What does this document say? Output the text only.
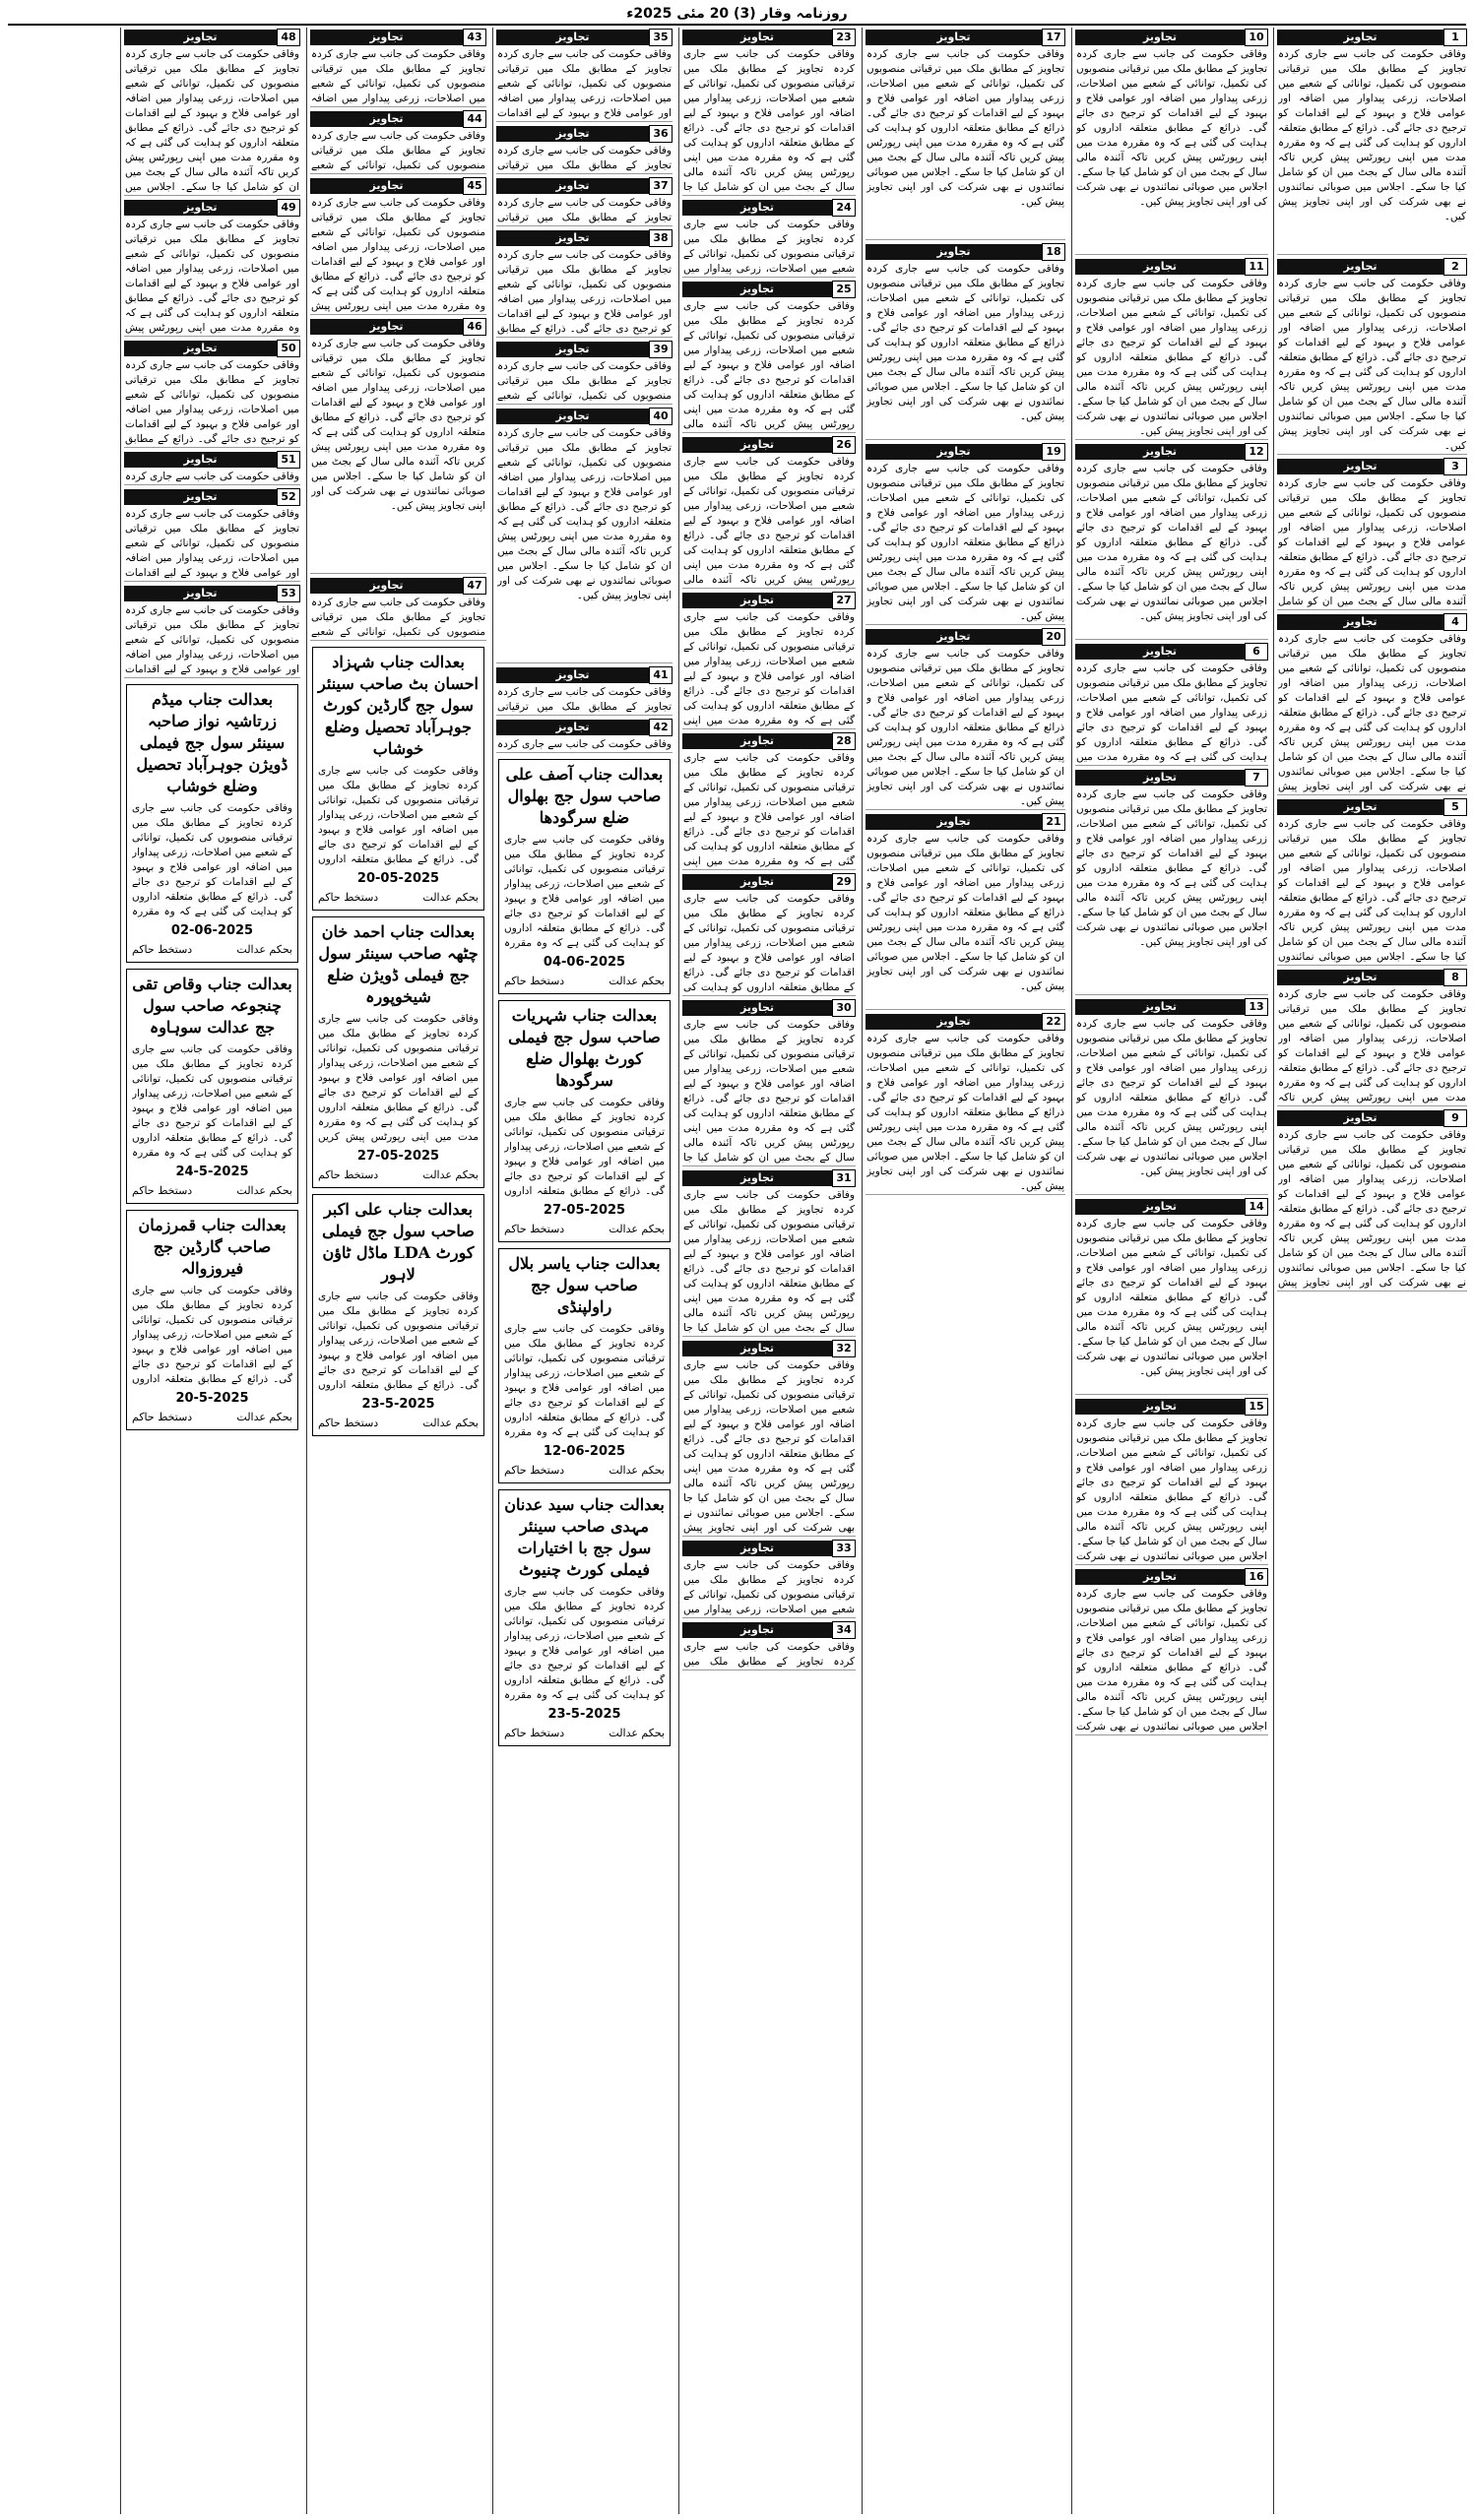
روزنامہ وقار (3) 20 مئی 2025ء
1
تجاویز
وفاقی حکومت کی جانب سے جاری کردہ تجاویز کے مطابق ملک میں ترقیاتی منصوبوں کی تکمیل، توانائی کے شعبے میں اصلاحات، زرعی پیداوار میں اضافہ اور عوامی فلاح و بہبود کے لیے اقدامات کو ترجیح دی جائے گی۔ ذرائع کے مطابق متعلقہ اداروں کو ہدایت کی گئی ہے کہ وہ مقررہ مدت میں اپنی رپورٹس پیش کریں تاکہ آئندہ مالی سال کے بجٹ میں ان کو شامل کیا جا سکے۔ اجلاس میں صوبائی نمائندوں نے بھی شرکت کی اور اپنی تجاویز پیش کیں۔
2
تجاویز
وفاقی حکومت کی جانب سے جاری کردہ تجاویز کے مطابق ملک میں ترقیاتی منصوبوں کی تکمیل، توانائی کے شعبے میں اصلاحات، زرعی پیداوار میں اضافہ اور عوامی فلاح و بہبود کے لیے اقدامات کو ترجیح دی جائے گی۔ ذرائع کے مطابق متعلقہ اداروں کو ہدایت کی گئی ہے کہ وہ مقررہ مدت میں اپنی رپورٹس پیش کریں تاکہ آئندہ مالی سال کے بجٹ میں ان کو شامل کیا جا سکے۔ اجلاس میں صوبائی نمائندوں نے بھی شرکت کی اور اپنی تجاویز پیش کیں۔
3
تجاویز
وفاقی حکومت کی جانب سے جاری کردہ تجاویز کے مطابق ملک میں ترقیاتی منصوبوں کی تکمیل، توانائی کے شعبے میں اصلاحات، زرعی پیداوار میں اضافہ اور عوامی فلاح و بہبود کے لیے اقدامات کو ترجیح دی جائے گی۔ ذرائع کے مطابق متعلقہ اداروں کو ہدایت کی گئی ہے کہ وہ مقررہ مدت میں اپنی رپورٹس پیش کریں تاکہ آئندہ مالی سال کے بجٹ میں ان کو شامل
4
تجاویز
وفاقی حکومت کی جانب سے جاری کردہ تجاویز کے مطابق ملک میں ترقیاتی منصوبوں کی تکمیل، توانائی کے شعبے میں اصلاحات، زرعی پیداوار میں اضافہ اور عوامی فلاح و بہبود کے لیے اقدامات کو ترجیح دی جائے گی۔ ذرائع کے مطابق متعلقہ اداروں کو ہدایت کی گئی ہے کہ وہ مقررہ مدت میں اپنی رپورٹس پیش کریں تاکہ آئندہ مالی سال کے بجٹ میں ان کو شامل کیا جا سکے۔ اجلاس میں صوبائی نمائندوں نے بھی شرکت کی اور اپنی تجاویز پیش
5
تجاویز
وفاقی حکومت کی جانب سے جاری کردہ تجاویز کے مطابق ملک میں ترقیاتی منصوبوں کی تکمیل، توانائی کے شعبے میں اصلاحات، زرعی پیداوار میں اضافہ اور عوامی فلاح و بہبود کے لیے اقدامات کو ترجیح دی جائے گی۔ ذرائع کے مطابق متعلقہ اداروں کو ہدایت کی گئی ہے کہ وہ مقررہ مدت میں اپنی رپورٹس پیش کریں تاکہ آئندہ مالی سال کے بجٹ میں ان کو شامل کیا جا سکے۔ اجلاس میں صوبائی نمائندوں
8
تجاویز
وفاقی حکومت کی جانب سے جاری کردہ تجاویز کے مطابق ملک میں ترقیاتی منصوبوں کی تکمیل، توانائی کے شعبے میں اصلاحات، زرعی پیداوار میں اضافہ اور عوامی فلاح و بہبود کے لیے اقدامات کو ترجیح دی جائے گی۔ ذرائع کے مطابق متعلقہ اداروں کو ہدایت کی گئی ہے کہ وہ مقررہ مدت میں اپنی رپورٹس پیش کریں تاکہ
9
تجاویز
وفاقی حکومت کی جانب سے جاری کردہ تجاویز کے مطابق ملک میں ترقیاتی منصوبوں کی تکمیل، توانائی کے شعبے میں اصلاحات، زرعی پیداوار میں اضافہ اور عوامی فلاح و بہبود کے لیے اقدامات کو ترجیح دی جائے گی۔ ذرائع کے مطابق متعلقہ اداروں کو ہدایت کی گئی ہے کہ وہ مقررہ مدت میں اپنی رپورٹس پیش کریں تاکہ آئندہ مالی سال کے بجٹ میں ان کو شامل کیا جا سکے۔ اجلاس میں صوبائی نمائندوں نے بھی شرکت کی اور اپنی تجاویز پیش
10
تجاویز
وفاقی حکومت کی جانب سے جاری کردہ تجاویز کے مطابق ملک میں ترقیاتی منصوبوں کی تکمیل، توانائی کے شعبے میں اصلاحات، زرعی پیداوار میں اضافہ اور عوامی فلاح و بہبود کے لیے اقدامات کو ترجیح دی جائے گی۔ ذرائع کے مطابق متعلقہ اداروں کو ہدایت کی گئی ہے کہ وہ مقررہ مدت میں اپنی رپورٹس پیش کریں تاکہ آئندہ مالی سال کے بجٹ میں ان کو شامل کیا جا سکے۔ اجلاس میں صوبائی نمائندوں نے بھی شرکت کی اور اپنی تجاویز پیش کیں۔
11
تجاویز
وفاقی حکومت کی جانب سے جاری کردہ تجاویز کے مطابق ملک میں ترقیاتی منصوبوں کی تکمیل، توانائی کے شعبے میں اصلاحات، زرعی پیداوار میں اضافہ اور عوامی فلاح و بہبود کے لیے اقدامات کو ترجیح دی جائے گی۔ ذرائع کے مطابق متعلقہ اداروں کو ہدایت کی گئی ہے کہ وہ مقررہ مدت میں اپنی رپورٹس پیش کریں تاکہ آئندہ مالی سال کے بجٹ میں ان کو شامل کیا جا سکے۔ اجلاس میں صوبائی نمائندوں نے بھی شرکت کی اور اپنی تجاویز پیش کیں۔
12
تجاویز
وفاقی حکومت کی جانب سے جاری کردہ تجاویز کے مطابق ملک میں ترقیاتی منصوبوں کی تکمیل، توانائی کے شعبے میں اصلاحات، زرعی پیداوار میں اضافہ اور عوامی فلاح و بہبود کے لیے اقدامات کو ترجیح دی جائے گی۔ ذرائع کے مطابق متعلقہ اداروں کو ہدایت کی گئی ہے کہ وہ مقررہ مدت میں اپنی رپورٹس پیش کریں تاکہ آئندہ مالی سال کے بجٹ میں ان کو شامل کیا جا سکے۔ اجلاس میں صوبائی نمائندوں نے بھی شرکت کی اور اپنی تجاویز پیش کیں۔
6
تجاویز
وفاقی حکومت کی جانب سے جاری کردہ تجاویز کے مطابق ملک میں ترقیاتی منصوبوں کی تکمیل، توانائی کے شعبے میں اصلاحات، زرعی پیداوار میں اضافہ اور عوامی فلاح و بہبود کے لیے اقدامات کو ترجیح دی جائے گی۔ ذرائع کے مطابق متعلقہ اداروں کو ہدایت کی گئی ہے کہ وہ مقررہ مدت میں
7
تجاویز
وفاقی حکومت کی جانب سے جاری کردہ تجاویز کے مطابق ملک میں ترقیاتی منصوبوں کی تکمیل، توانائی کے شعبے میں اصلاحات، زرعی پیداوار میں اضافہ اور عوامی فلاح و بہبود کے لیے اقدامات کو ترجیح دی جائے گی۔ ذرائع کے مطابق متعلقہ اداروں کو ہدایت کی گئی ہے کہ وہ مقررہ مدت میں اپنی رپورٹس پیش کریں تاکہ آئندہ مالی سال کے بجٹ میں ان کو شامل کیا جا سکے۔ اجلاس میں صوبائی نمائندوں نے بھی شرکت کی اور اپنی تجاویز پیش کیں۔
13
تجاویز
وفاقی حکومت کی جانب سے جاری کردہ تجاویز کے مطابق ملک میں ترقیاتی منصوبوں کی تکمیل، توانائی کے شعبے میں اصلاحات، زرعی پیداوار میں اضافہ اور عوامی فلاح و بہبود کے لیے اقدامات کو ترجیح دی جائے گی۔ ذرائع کے مطابق متعلقہ اداروں کو ہدایت کی گئی ہے کہ وہ مقررہ مدت میں اپنی رپورٹس پیش کریں تاکہ آئندہ مالی سال کے بجٹ میں ان کو شامل کیا جا سکے۔ اجلاس میں صوبائی نمائندوں نے بھی شرکت کی اور اپنی تجاویز پیش کیں۔
14
تجاویز
وفاقی حکومت کی جانب سے جاری کردہ تجاویز کے مطابق ملک میں ترقیاتی منصوبوں کی تکمیل، توانائی کے شعبے میں اصلاحات، زرعی پیداوار میں اضافہ اور عوامی فلاح و بہبود کے لیے اقدامات کو ترجیح دی جائے گی۔ ذرائع کے مطابق متعلقہ اداروں کو ہدایت کی گئی ہے کہ وہ مقررہ مدت میں اپنی رپورٹس پیش کریں تاکہ آئندہ مالی سال کے بجٹ میں ان کو شامل کیا جا سکے۔ اجلاس میں صوبائی نمائندوں نے بھی شرکت کی اور اپنی تجاویز پیش کیں۔
15
تجاویز
وفاقی حکومت کی جانب سے جاری کردہ تجاویز کے مطابق ملک میں ترقیاتی منصوبوں کی تکمیل، توانائی کے شعبے میں اصلاحات، زرعی پیداوار میں اضافہ اور عوامی فلاح و بہبود کے لیے اقدامات کو ترجیح دی جائے گی۔ ذرائع کے مطابق متعلقہ اداروں کو ہدایت کی گئی ہے کہ وہ مقررہ مدت میں اپنی رپورٹس پیش کریں تاکہ آئندہ مالی سال کے بجٹ میں ان کو شامل کیا جا سکے۔ اجلاس میں صوبائی نمائندوں نے بھی شرکت
16
تجاویز
وفاقی حکومت کی جانب سے جاری کردہ تجاویز کے مطابق ملک میں ترقیاتی منصوبوں کی تکمیل، توانائی کے شعبے میں اصلاحات، زرعی پیداوار میں اضافہ اور عوامی فلاح و بہبود کے لیے اقدامات کو ترجیح دی جائے گی۔ ذرائع کے مطابق متعلقہ اداروں کو ہدایت کی گئی ہے کہ وہ مقررہ مدت میں اپنی رپورٹس پیش کریں تاکہ آئندہ مالی سال کے بجٹ میں ان کو شامل کیا جا سکے۔ اجلاس میں صوبائی نمائندوں نے بھی شرکت
17
تجاویز
وفاقی حکومت کی جانب سے جاری کردہ تجاویز کے مطابق ملک میں ترقیاتی منصوبوں کی تکمیل، توانائی کے شعبے میں اصلاحات، زرعی پیداوار میں اضافہ اور عوامی فلاح و بہبود کے لیے اقدامات کو ترجیح دی جائے گی۔ ذرائع کے مطابق متعلقہ اداروں کو ہدایت کی گئی ہے کہ وہ مقررہ مدت میں اپنی رپورٹس پیش کریں تاکہ آئندہ مالی سال کے بجٹ میں ان کو شامل کیا جا سکے۔ اجلاس میں صوبائی نمائندوں نے بھی شرکت کی اور اپنی تجاویز پیش کیں۔
18
تجاویز
وفاقی حکومت کی جانب سے جاری کردہ تجاویز کے مطابق ملک میں ترقیاتی منصوبوں کی تکمیل، توانائی کے شعبے میں اصلاحات، زرعی پیداوار میں اضافہ اور عوامی فلاح و بہبود کے لیے اقدامات کو ترجیح دی جائے گی۔ ذرائع کے مطابق متعلقہ اداروں کو ہدایت کی گئی ہے کہ وہ مقررہ مدت میں اپنی رپورٹس پیش کریں تاکہ آئندہ مالی سال کے بجٹ میں ان کو شامل کیا جا سکے۔ اجلاس میں صوبائی نمائندوں نے بھی شرکت کی اور اپنی تجاویز پیش کیں۔
19
تجاویز
وفاقی حکومت کی جانب سے جاری کردہ تجاویز کے مطابق ملک میں ترقیاتی منصوبوں کی تکمیل، توانائی کے شعبے میں اصلاحات، زرعی پیداوار میں اضافہ اور عوامی فلاح و بہبود کے لیے اقدامات کو ترجیح دی جائے گی۔ ذرائع کے مطابق متعلقہ اداروں کو ہدایت کی گئی ہے کہ وہ مقررہ مدت میں اپنی رپورٹس پیش کریں تاکہ آئندہ مالی سال کے بجٹ میں ان کو شامل کیا جا سکے۔ اجلاس میں صوبائی نمائندوں نے بھی شرکت کی اور اپنی تجاویز پیش کیں۔
20
تجاویز
وفاقی حکومت کی جانب سے جاری کردہ تجاویز کے مطابق ملک میں ترقیاتی منصوبوں کی تکمیل، توانائی کے شعبے میں اصلاحات، زرعی پیداوار میں اضافہ اور عوامی فلاح و بہبود کے لیے اقدامات کو ترجیح دی جائے گی۔ ذرائع کے مطابق متعلقہ اداروں کو ہدایت کی گئی ہے کہ وہ مقررہ مدت میں اپنی رپورٹس پیش کریں تاکہ آئندہ مالی سال کے بجٹ میں ان کو شامل کیا جا سکے۔ اجلاس میں صوبائی نمائندوں نے بھی شرکت کی اور اپنی تجاویز پیش کیں۔
21
تجاویز
وفاقی حکومت کی جانب سے جاری کردہ تجاویز کے مطابق ملک میں ترقیاتی منصوبوں کی تکمیل، توانائی کے شعبے میں اصلاحات، زرعی پیداوار میں اضافہ اور عوامی فلاح و بہبود کے لیے اقدامات کو ترجیح دی جائے گی۔ ذرائع کے مطابق متعلقہ اداروں کو ہدایت کی گئی ہے کہ وہ مقررہ مدت میں اپنی رپورٹس پیش کریں تاکہ آئندہ مالی سال کے بجٹ میں ان کو شامل کیا جا سکے۔ اجلاس میں صوبائی نمائندوں نے بھی شرکت کی اور اپنی تجاویز پیش کیں۔
22
تجاویز
وفاقی حکومت کی جانب سے جاری کردہ تجاویز کے مطابق ملک میں ترقیاتی منصوبوں کی تکمیل، توانائی کے شعبے میں اصلاحات، زرعی پیداوار میں اضافہ اور عوامی فلاح و بہبود کے لیے اقدامات کو ترجیح دی جائے گی۔ ذرائع کے مطابق متعلقہ اداروں کو ہدایت کی گئی ہے کہ وہ مقررہ مدت میں اپنی رپورٹس پیش کریں تاکہ آئندہ مالی سال کے بجٹ میں ان کو شامل کیا جا سکے۔ اجلاس میں صوبائی نمائندوں نے بھی شرکت کی اور اپنی تجاویز پیش کیں۔
23
تجاویز
وفاقی حکومت کی جانب سے جاری کردہ تجاویز کے مطابق ملک میں ترقیاتی منصوبوں کی تکمیل، توانائی کے شعبے میں اصلاحات، زرعی پیداوار میں اضافہ اور عوامی فلاح و بہبود کے لیے اقدامات کو ترجیح دی جائے گی۔ ذرائع کے مطابق متعلقہ اداروں کو ہدایت کی گئی ہے کہ وہ مقررہ مدت میں اپنی رپورٹس پیش کریں تاکہ آئندہ مالی سال کے بجٹ میں ان کو شامل کیا جا
24
تجاویز
وفاقی حکومت کی جانب سے جاری کردہ تجاویز کے مطابق ملک میں ترقیاتی منصوبوں کی تکمیل، توانائی کے شعبے میں اصلاحات، زرعی پیداوار میں
25
تجاویز
وفاقی حکومت کی جانب سے جاری کردہ تجاویز کے مطابق ملک میں ترقیاتی منصوبوں کی تکمیل، توانائی کے شعبے میں اصلاحات، زرعی پیداوار میں اضافہ اور عوامی فلاح و بہبود کے لیے اقدامات کو ترجیح دی جائے گی۔ ذرائع کے مطابق متعلقہ اداروں کو ہدایت کی گئی ہے کہ وہ مقررہ مدت میں اپنی رپورٹس پیش کریں تاکہ آئندہ مالی
26
تجاویز
وفاقی حکومت کی جانب سے جاری کردہ تجاویز کے مطابق ملک میں ترقیاتی منصوبوں کی تکمیل، توانائی کے شعبے میں اصلاحات، زرعی پیداوار میں اضافہ اور عوامی فلاح و بہبود کے لیے اقدامات کو ترجیح دی جائے گی۔ ذرائع کے مطابق متعلقہ اداروں کو ہدایت کی گئی ہے کہ وہ مقررہ مدت میں اپنی رپورٹس پیش کریں تاکہ آئندہ مالی
27
تجاویز
وفاقی حکومت کی جانب سے جاری کردہ تجاویز کے مطابق ملک میں ترقیاتی منصوبوں کی تکمیل، توانائی کے شعبے میں اصلاحات، زرعی پیداوار میں اضافہ اور عوامی فلاح و بہبود کے لیے اقدامات کو ترجیح دی جائے گی۔ ذرائع کے مطابق متعلقہ اداروں کو ہدایت کی گئی ہے کہ وہ مقررہ مدت میں اپنی
28
تجاویز
وفاقی حکومت کی جانب سے جاری کردہ تجاویز کے مطابق ملک میں ترقیاتی منصوبوں کی تکمیل، توانائی کے شعبے میں اصلاحات، زرعی پیداوار میں اضافہ اور عوامی فلاح و بہبود کے لیے اقدامات کو ترجیح دی جائے گی۔ ذرائع کے مطابق متعلقہ اداروں کو ہدایت کی گئی ہے کہ وہ مقررہ مدت میں اپنی
29
تجاویز
وفاقی حکومت کی جانب سے جاری کردہ تجاویز کے مطابق ملک میں ترقیاتی منصوبوں کی تکمیل، توانائی کے شعبے میں اصلاحات، زرعی پیداوار میں اضافہ اور عوامی فلاح و بہبود کے لیے اقدامات کو ترجیح دی جائے گی۔ ذرائع کے مطابق متعلقہ اداروں کو ہدایت کی
30
تجاویز
وفاقی حکومت کی جانب سے جاری کردہ تجاویز کے مطابق ملک میں ترقیاتی منصوبوں کی تکمیل، توانائی کے شعبے میں اصلاحات، زرعی پیداوار میں اضافہ اور عوامی فلاح و بہبود کے لیے اقدامات کو ترجیح دی جائے گی۔ ذرائع کے مطابق متعلقہ اداروں کو ہدایت کی گئی ہے کہ وہ مقررہ مدت میں اپنی رپورٹس پیش کریں تاکہ آئندہ مالی سال کے بجٹ میں ان کو شامل کیا جا
31
تجاویز
وفاقی حکومت کی جانب سے جاری کردہ تجاویز کے مطابق ملک میں ترقیاتی منصوبوں کی تکمیل، توانائی کے شعبے میں اصلاحات، زرعی پیداوار میں اضافہ اور عوامی فلاح و بہبود کے لیے اقدامات کو ترجیح دی جائے گی۔ ذرائع کے مطابق متعلقہ اداروں کو ہدایت کی گئی ہے کہ وہ مقررہ مدت میں اپنی رپورٹس پیش کریں تاکہ آئندہ مالی سال کے بجٹ میں ان کو شامل کیا جا
32
تجاویز
وفاقی حکومت کی جانب سے جاری کردہ تجاویز کے مطابق ملک میں ترقیاتی منصوبوں کی تکمیل، توانائی کے شعبے میں اصلاحات، زرعی پیداوار میں اضافہ اور عوامی فلاح و بہبود کے لیے اقدامات کو ترجیح دی جائے گی۔ ذرائع کے مطابق متعلقہ اداروں کو ہدایت کی گئی ہے کہ وہ مقررہ مدت میں اپنی رپورٹس پیش کریں تاکہ آئندہ مالی سال کے بجٹ میں ان کو شامل کیا جا سکے۔ اجلاس میں صوبائی نمائندوں نے بھی شرکت کی اور اپنی تجاویز پیش
33
تجاویز
وفاقی حکومت کی جانب سے جاری کردہ تجاویز کے مطابق ملک میں ترقیاتی منصوبوں کی تکمیل، توانائی کے شعبے میں اصلاحات، زرعی پیداوار میں
34
تجاویز
وفاقی حکومت کی جانب سے جاری کردہ تجاویز کے مطابق ملک میں
35
تجاویز
وفاقی حکومت کی جانب سے جاری کردہ تجاویز کے مطابق ملک میں ترقیاتی منصوبوں کی تکمیل، توانائی کے شعبے میں اصلاحات، زرعی پیداوار میں اضافہ اور عوامی فلاح و بہبود کے لیے اقدامات
36
تجاویز
وفاقی حکومت کی جانب سے جاری کردہ تجاویز کے مطابق ملک میں ترقیاتی
37
تجاویز
وفاقی حکومت کی جانب سے جاری کردہ تجاویز کے مطابق ملک میں ترقیاتی
38
تجاویز
وفاقی حکومت کی جانب سے جاری کردہ تجاویز کے مطابق ملک میں ترقیاتی منصوبوں کی تکمیل، توانائی کے شعبے میں اصلاحات، زرعی پیداوار میں اضافہ اور عوامی فلاح و بہبود کے لیے اقدامات کو ترجیح دی جائے گی۔ ذرائع کے مطابق
39
تجاویز
وفاقی حکومت کی جانب سے جاری کردہ تجاویز کے مطابق ملک میں ترقیاتی منصوبوں کی تکمیل، توانائی کے شعبے
40
تجاویز
وفاقی حکومت کی جانب سے جاری کردہ تجاویز کے مطابق ملک میں ترقیاتی منصوبوں کی تکمیل، توانائی کے شعبے میں اصلاحات، زرعی پیداوار میں اضافہ اور عوامی فلاح و بہبود کے لیے اقدامات کو ترجیح دی جائے گی۔ ذرائع کے مطابق متعلقہ اداروں کو ہدایت کی گئی ہے کہ وہ مقررہ مدت میں اپنی رپورٹس پیش کریں تاکہ آئندہ مالی سال کے بجٹ میں ان کو شامل کیا جا سکے۔ اجلاس میں صوبائی نمائندوں نے بھی شرکت کی اور اپنی تجاویز پیش کیں۔
41
تجاویز
وفاقی حکومت کی جانب سے جاری کردہ تجاویز کے مطابق ملک میں ترقیاتی
42
تجاویز
وفاقی حکومت کی جانب سے جاری کردہ
بعدالت جناب آصف علی صاحب سول جج بھلوال ضلع سرگودھا
وفاقی حکومت کی جانب سے جاری کردہ تجاویز کے مطابق ملک میں ترقیاتی منصوبوں کی تکمیل، توانائی کے شعبے میں اصلاحات، زرعی پیداوار میں اضافہ اور عوامی فلاح و بہبود کے لیے اقدامات کو ترجیح دی جائے گی۔ ذرائع کے مطابق متعلقہ اداروں کو ہدایت کی گئی ہے کہ وہ مقررہ
04-06-2025
بحکم عدالت
دستخط حاکم
بعدالت جناب شہریات صاحب سول جج فیملی کورٹ بھلوال ضلع سرگودھا
وفاقی حکومت کی جانب سے جاری کردہ تجاویز کے مطابق ملک میں ترقیاتی منصوبوں کی تکمیل، توانائی کے شعبے میں اصلاحات، زرعی پیداوار میں اضافہ اور عوامی فلاح و بہبود کے لیے اقدامات کو ترجیح دی جائے گی۔ ذرائع کے مطابق متعلقہ اداروں
27-05-2025
بحکم عدالت
دستخط حاکم
بعدالت جناب یاسر بلال صاحب سول جج راولپنڈی
وفاقی حکومت کی جانب سے جاری کردہ تجاویز کے مطابق ملک میں ترقیاتی منصوبوں کی تکمیل، توانائی کے شعبے میں اصلاحات، زرعی پیداوار میں اضافہ اور عوامی فلاح و بہبود کے لیے اقدامات کو ترجیح دی جائے گی۔ ذرائع کے مطابق متعلقہ اداروں کو ہدایت کی گئی ہے کہ وہ مقررہ
12-06-2025
بحکم عدالت
دستخط حاکم
بعدالت جناب سید عدنان مہدی صاحب سینئر سول جج با اختیارات فیملی کورٹ چنیوٹ
وفاقی حکومت کی جانب سے جاری کردہ تجاویز کے مطابق ملک میں ترقیاتی منصوبوں کی تکمیل، توانائی کے شعبے میں اصلاحات، زرعی پیداوار میں اضافہ اور عوامی فلاح و بہبود کے لیے اقدامات کو ترجیح دی جائے گی۔ ذرائع کے مطابق متعلقہ اداروں کو ہدایت کی گئی ہے کہ وہ مقررہ
23-5-2025
بحکم عدالت
دستخط حاکم
43
تجاویز
وفاقی حکومت کی جانب سے جاری کردہ تجاویز کے مطابق ملک میں ترقیاتی منصوبوں کی تکمیل، توانائی کے شعبے میں اصلاحات، زرعی پیداوار میں اضافہ
44
تجاویز
وفاقی حکومت کی جانب سے جاری کردہ تجاویز کے مطابق ملک میں ترقیاتی منصوبوں کی تکمیل، توانائی کے شعبے
45
تجاویز
وفاقی حکومت کی جانب سے جاری کردہ تجاویز کے مطابق ملک میں ترقیاتی منصوبوں کی تکمیل، توانائی کے شعبے میں اصلاحات، زرعی پیداوار میں اضافہ اور عوامی فلاح و بہبود کے لیے اقدامات کو ترجیح دی جائے گی۔ ذرائع کے مطابق متعلقہ اداروں کو ہدایت کی گئی ہے کہ وہ مقررہ مدت میں اپنی رپورٹس پیش
46
تجاویز
وفاقی حکومت کی جانب سے جاری کردہ تجاویز کے مطابق ملک میں ترقیاتی منصوبوں کی تکمیل، توانائی کے شعبے میں اصلاحات، زرعی پیداوار میں اضافہ اور عوامی فلاح و بہبود کے لیے اقدامات کو ترجیح دی جائے گی۔ ذرائع کے مطابق متعلقہ اداروں کو ہدایت کی گئی ہے کہ وہ مقررہ مدت میں اپنی رپورٹس پیش کریں تاکہ آئندہ مالی سال کے بجٹ میں ان کو شامل کیا جا سکے۔ اجلاس میں صوبائی نمائندوں نے بھی شرکت کی اور اپنی تجاویز پیش کیں۔
47
تجاویز
وفاقی حکومت کی جانب سے جاری کردہ تجاویز کے مطابق ملک میں ترقیاتی منصوبوں کی تکمیل، توانائی کے شعبے
بعدالت جناب شہزاد احسان بٹ صاحب سینئر سول جج گارڈین کورٹ جوہرآباد تحصیل وضلع خوشاب
وفاقی حکومت کی جانب سے جاری کردہ تجاویز کے مطابق ملک میں ترقیاتی منصوبوں کی تکمیل، توانائی کے شعبے میں اصلاحات، زرعی پیداوار میں اضافہ اور عوامی فلاح و بہبود کے لیے اقدامات کو ترجیح دی جائے گی۔ ذرائع کے مطابق متعلقہ اداروں
20-05-2025
بحکم عدالت
دستخط حاکم
بعدالت جناب احمد خان چٹھہ صاحب سینئر سول جج فیملی ڈویژن ضلع شیخوپورہ
وفاقی حکومت کی جانب سے جاری کردہ تجاویز کے مطابق ملک میں ترقیاتی منصوبوں کی تکمیل، توانائی کے شعبے میں اصلاحات، زرعی پیداوار میں اضافہ اور عوامی فلاح و بہبود کے لیے اقدامات کو ترجیح دی جائے گی۔ ذرائع کے مطابق متعلقہ اداروں کو ہدایت کی گئی ہے کہ وہ مقررہ مدت میں اپنی رپورٹس پیش کریں
27-05-2025
بحکم عدالت
دستخط حاکم
بعدالت جناب علی اکبر صاحب سول جج فیملی کورٹ LDA ماڈل ٹاؤن لاہور
وفاقی حکومت کی جانب سے جاری کردہ تجاویز کے مطابق ملک میں ترقیاتی منصوبوں کی تکمیل، توانائی کے شعبے میں اصلاحات، زرعی پیداوار میں اضافہ اور عوامی فلاح و بہبود کے لیے اقدامات کو ترجیح دی جائے گی۔ ذرائع کے مطابق متعلقہ اداروں
23-5-2025
بحکم عدالت
دستخط حاکم
48
تجاویز
وفاقی حکومت کی جانب سے جاری کردہ تجاویز کے مطابق ملک میں ترقیاتی منصوبوں کی تکمیل، توانائی کے شعبے میں اصلاحات، زرعی پیداوار میں اضافہ اور عوامی فلاح و بہبود کے لیے اقدامات کو ترجیح دی جائے گی۔ ذرائع کے مطابق متعلقہ اداروں کو ہدایت کی گئی ہے کہ وہ مقررہ مدت میں اپنی رپورٹس پیش کریں تاکہ آئندہ مالی سال کے بجٹ میں ان کو شامل کیا جا سکے۔ اجلاس میں
49
تجاویز
وفاقی حکومت کی جانب سے جاری کردہ تجاویز کے مطابق ملک میں ترقیاتی منصوبوں کی تکمیل، توانائی کے شعبے میں اصلاحات، زرعی پیداوار میں اضافہ اور عوامی فلاح و بہبود کے لیے اقدامات کو ترجیح دی جائے گی۔ ذرائع کے مطابق متعلقہ اداروں کو ہدایت کی گئی ہے کہ وہ مقررہ مدت میں اپنی رپورٹس پیش
50
تجاویز
وفاقی حکومت کی جانب سے جاری کردہ تجاویز کے مطابق ملک میں ترقیاتی منصوبوں کی تکمیل، توانائی کے شعبے میں اصلاحات، زرعی پیداوار میں اضافہ اور عوامی فلاح و بہبود کے لیے اقدامات کو ترجیح دی جائے گی۔ ذرائع کے مطابق
51
تجاویز
وفاقی حکومت کی جانب سے جاری کردہ
52
تجاویز
وفاقی حکومت کی جانب سے جاری کردہ تجاویز کے مطابق ملک میں ترقیاتی منصوبوں کی تکمیل، توانائی کے شعبے میں اصلاحات، زرعی پیداوار میں اضافہ اور عوامی فلاح و بہبود کے لیے اقدامات
53
تجاویز
وفاقی حکومت کی جانب سے جاری کردہ تجاویز کے مطابق ملک میں ترقیاتی منصوبوں کی تکمیل، توانائی کے شعبے میں اصلاحات، زرعی پیداوار میں اضافہ اور عوامی فلاح و بہبود کے لیے اقدامات
بعدالت جناب میڈم زرتاشیہ نواز صاحبہ سینئر سول جج فیملی ڈویژن جوہرآباد تحصیل وضلع خوشاب
وفاقی حکومت کی جانب سے جاری کردہ تجاویز کے مطابق ملک میں ترقیاتی منصوبوں کی تکمیل، توانائی کے شعبے میں اصلاحات، زرعی پیداوار میں اضافہ اور عوامی فلاح و بہبود کے لیے اقدامات کو ترجیح دی جائے گی۔ ذرائع کے مطابق متعلقہ اداروں کو ہدایت کی گئی ہے کہ وہ مقررہ
02-06-2025
بحکم عدالت
دستخط حاکم
بعدالت جناب وقاص تقی چنجوعہ صاحب سول جج عدالت سوہاوہ
وفاقی حکومت کی جانب سے جاری کردہ تجاویز کے مطابق ملک میں ترقیاتی منصوبوں کی تکمیل، توانائی کے شعبے میں اصلاحات، زرعی پیداوار میں اضافہ اور عوامی فلاح و بہبود کے لیے اقدامات کو ترجیح دی جائے گی۔ ذرائع کے مطابق متعلقہ اداروں کو ہدایت کی گئی ہے کہ وہ مقررہ
24-5-2025
بحکم عدالت
دستخط حاکم
بعدالت جناب قمرزمان صاحب گارڈین جج فیروزوالہ
وفاقی حکومت کی جانب سے جاری کردہ تجاویز کے مطابق ملک میں ترقیاتی منصوبوں کی تکمیل، توانائی کے شعبے میں اصلاحات، زرعی پیداوار میں اضافہ اور عوامی فلاح و بہبود کے لیے اقدامات کو ترجیح دی جائے گی۔ ذرائع کے مطابق متعلقہ اداروں
20-5-2025
بحکم عدالت
دستخط حاکم
